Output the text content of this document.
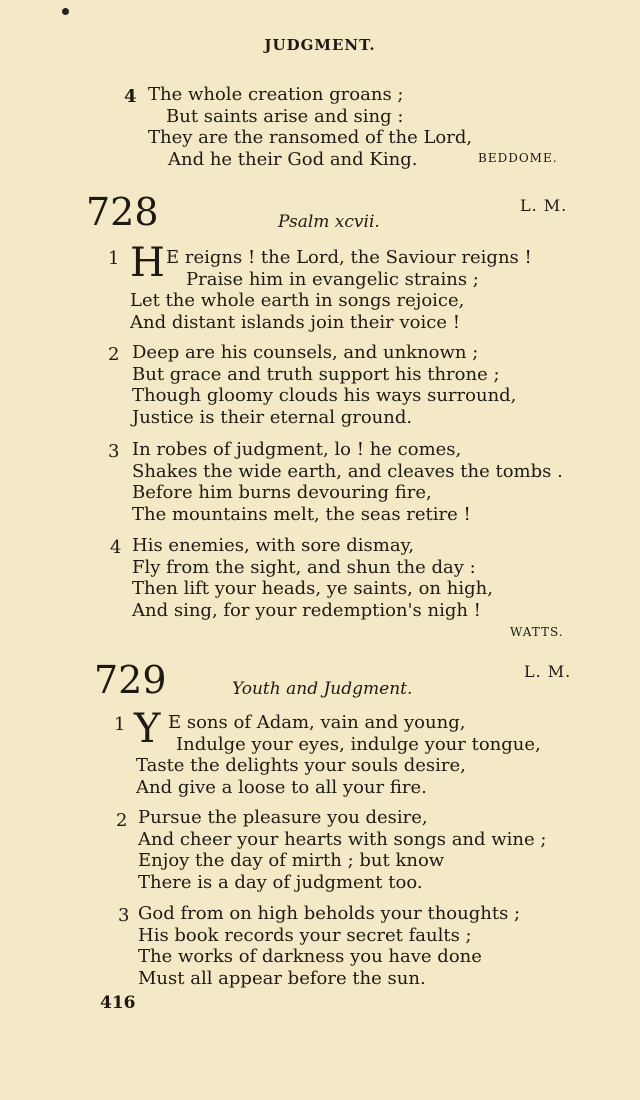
JUDGMENT.
4 The whole creation groans ;
But saints arise and sing :
They are the ransomed of the Lord,
And he their God and King.	BEDDOME.
728	L. M.
Psalm xcvii.
1 H E reigns ! the Lord, the Saviour reigns !
Praise him in evangelic strains ;
Let the whole earth in songs rejoice,
And distant islands join their voice !
2 Deep are his counsels, and unknown ;
But grace and truth support his throne ;
Though gloomy clouds his ways surround,
Justice is their eternal ground.
3 In robes of judgment, lo ! he comes,
Shakes the wide earth, and cleaves the tombs .
Before him burns devouring fire,
The mountains melt, the seas retire !
4 His enemies, with sore dismay,
Fly from the sight, and shun the day :
Then lift your heads, ye saints, on high,
And sing, for your redemption's nigh !
WATTS.
729	L. M.
Youth and Judgment.
1 Y E sons of Adam, vain and young,
Indulge your eyes, indulge your tongue,
Taste the delights your souls desire,
And give a loose to all your fire.
2 Pursue the pleasure you desire,
And cheer your hearts with songs and wine ;
Enjoy the day of mirth ; but know
There is a day of judgment too.
3 God from on high beholds your thoughts ;
His book records your secret faults ;
The works of darkness you have done
Must all appear before the sun.
416
